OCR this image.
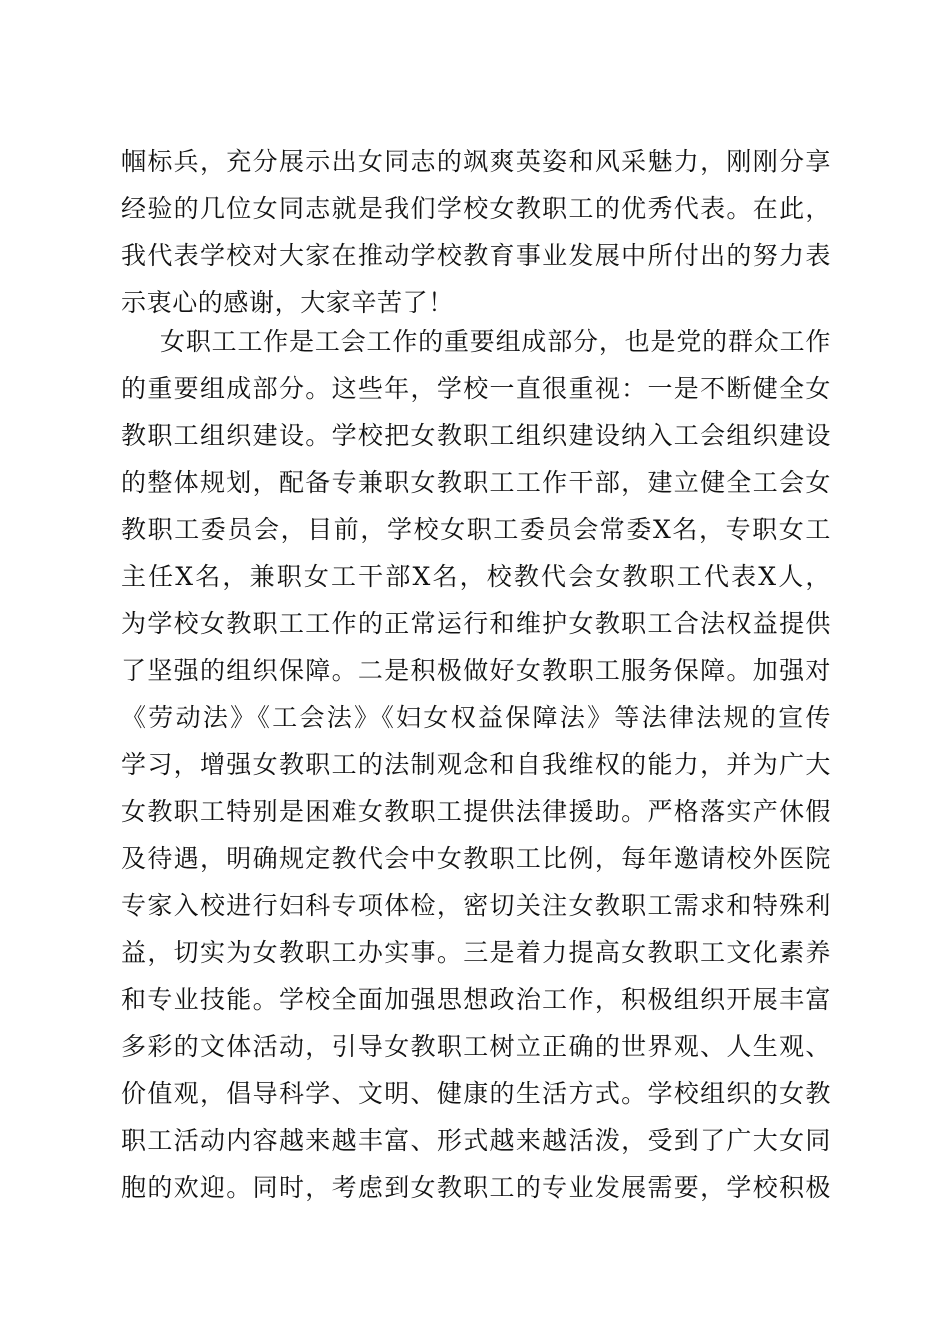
帼标兵，充分展示出女同志的飒爽英姿和风采魅力，刚刚分享
经验的几位女同志就是我们学校女教职工的优秀代表。在此，
我代表学校对大家在推动学校教育事业发展中所付出的努力表
示衷心的感谢，大家辛苦了！
女职工工作是工会工作的重要组成部分，也是党的群众工作
的重要组成部分。这些年，学校一直很重视：一是不断健全女
教职工组织建设。学校把女教职工组织建设纳入工会组织建设
的整体规划，配备专兼职女教职工工作干部，建立健全工会女
教职工委员会，目前，学校女职工委员会常委X名，专职女工
主任X名，兼职女工干部X名，校教代会女教职工代表X人，
为学校女教职工工作的正常运行和维护女教职工合法权益提供
了坚强的组织保障。二是积极做好女教职工服务保障。加强对
《劳动法》《工会法》《妇女权益保障法》等法律法规的宣传
学习，增强女教职工的法制观念和自我维权的能力，并为广大
女教职工特别是困难女教职工提供法律援助。严格落实产休假
及待遇，明确规定教代会中女教职工比例，每年邀请校外医院
专家入校进行妇科专项体检，密切关注女教职工需求和特殊利
益，切实为女教职工办实事。三是着力提高女教职工文化素养
和专业技能。学校全面加强思想政治工作，积极组织开展丰富
多彩的文体活动，引导女教职工树立正确的世界观、人生观、
价值观，倡导科学、文明、健康的生活方式。学校组织的女教
职工活动内容越来越丰富、形式越来越活泼，受到了广大女同
胞的欢迎。同时，考虑到女教职工的专业发展需要，学校积极
